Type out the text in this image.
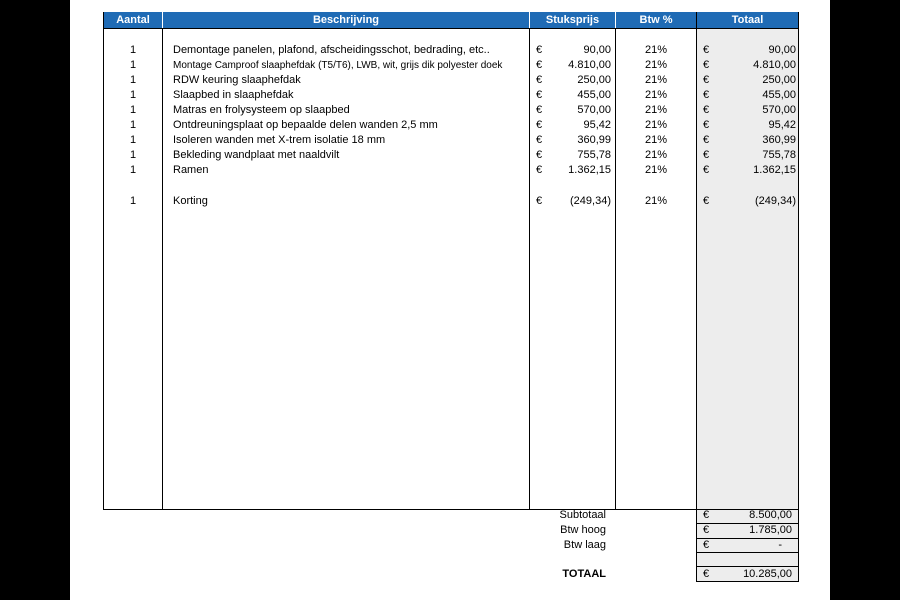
Aantal	Beschrijving	Stuksprijs	Btw %	Totaal
1	Demontage panelen, plafond, afscheidingsschot, bedrading, etc..	€	90,00	21%	€	90,00
1	Montage Camproof slaaphefdak (T5/T6), LWB, wit, grijs dik polyester doek	€	4.810,00	21%	€	4.810,00
1	RDW keuring slaaphefdak	€	250,00	21%	€	250,00
1	Slaapbed in slaaphefdak	€	455,00	21%	€	455,00
1	Matras en frolysysteem op slaapbed	€	570,00	21%	€	570,00
1	Ontdreuningsplaat op bepaalde delen wanden 2,5 mm	€	95,42	21%	€	95,42
1	Isoleren wanden met X-trem isolatie 18 mm	€	360,99	21%	€	360,99
1	Bekleding wandplaat met naaldvilt	€	755,78	21%	€	755,78
1	Ramen	€	1.362,15	21%	€	1.362,15
1	Korting	€	(249,34)	21%	€	(249,34)
Subtotaal	€	8.500,00
Btw hoog	€	1.785,00
Btw laag	€	-
TOTAAL	€	10.285,00
